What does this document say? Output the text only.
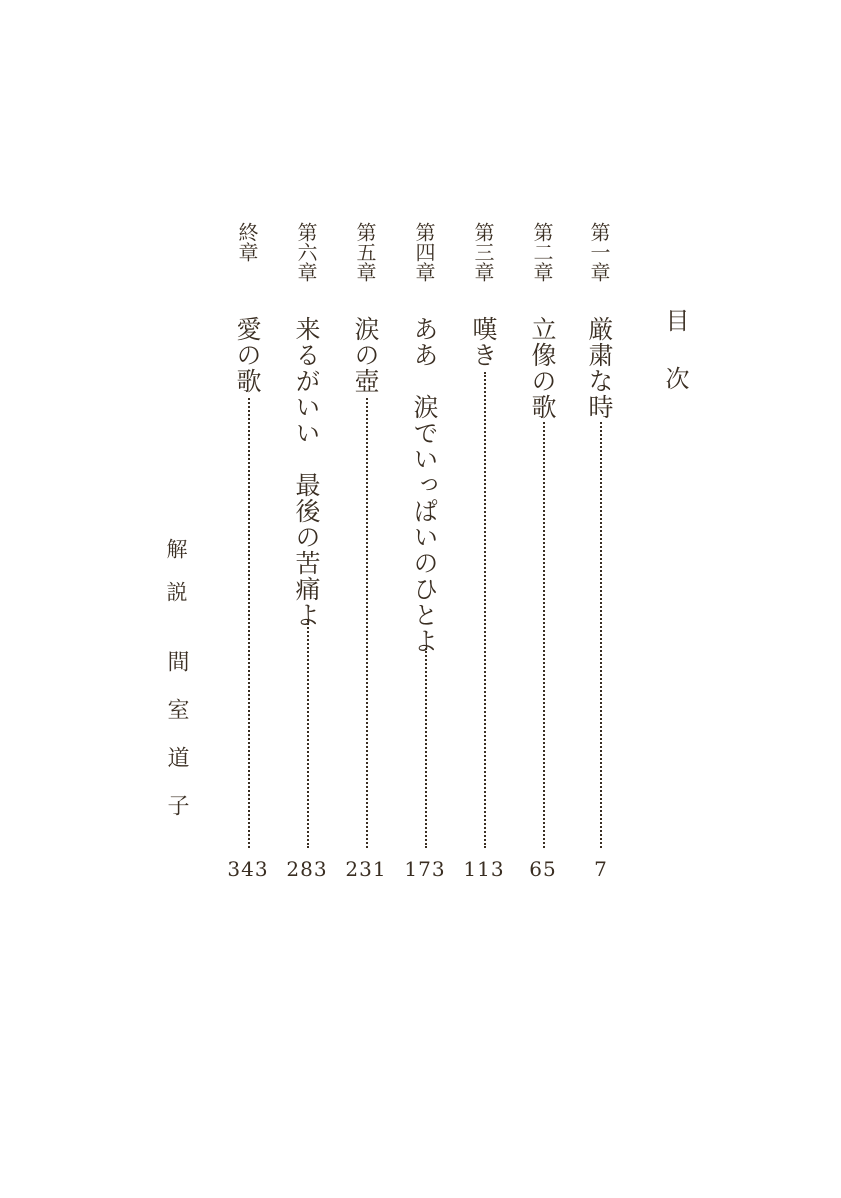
目次
第一章
厳粛な時
7
第二章
立像の歌
65
第三章
嘆き
113
第四章
ああ　涙でいっぱいのひとよ
173
第五章
涙の壺
231
第六章
来るがいい　最後の苦痛よ
283
終章
愛の歌
343
解説
間室道子
